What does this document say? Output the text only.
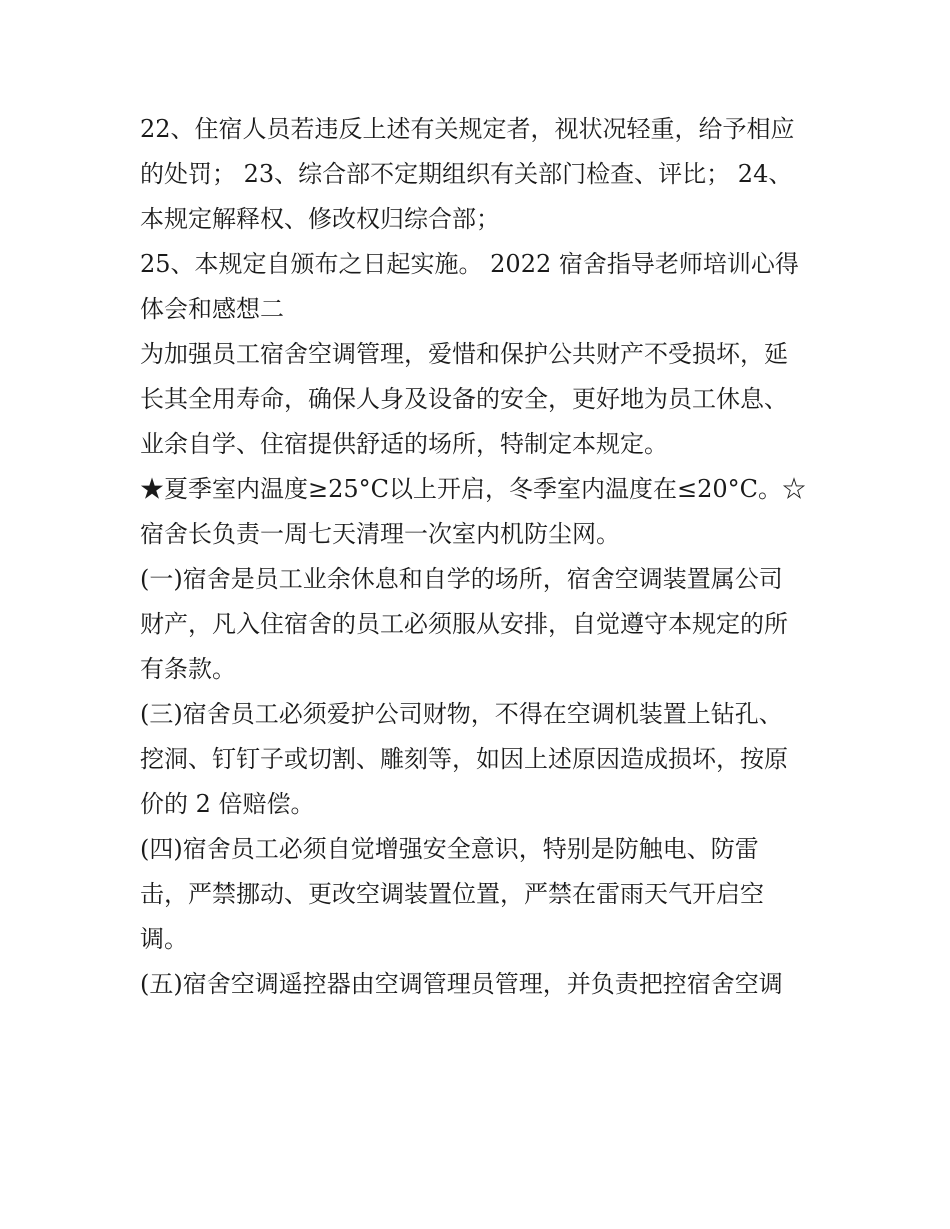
22、住宿人员若违反上述有关规定者，视状况轻重，给予相应
的处罚； 23、综合部不定期组织有关部门检查、评比； 24、
本规定解释权、修改权归综合部；
25、本规定自颁布之日起实施。 2022 宿舍指导老师培训心得
体会和感想二
为加强员工宿舍空调管理，爱惜和保护公共财产不受损坏，延
长其全用寿命，确保人身及设备的安全，更好地为员工休息、
业余自学、住宿提供舒适的场所，特制定本规定。
★夏季室内温度≥25°C以上开启，冬季室内温度在≤20°C。☆
宿舍长负责一周七天清理一次室内机防尘网。
(一)宿舍是员工业余休息和自学的场所，宿舍空调装置属公司
财产，凡入住宿舍的员工必须服从安排，自觉遵守本规定的所
有条款。
(三)宿舍员工必须爱护公司财物，不得在空调机装置上钻孔、
挖洞、钉钉子或切割、雕刻等，如因上述原因造成损坏，按原
价的 2 倍赔偿。
(四)宿舍员工必须自觉增强安全意识，特别是防触电、防雷
击，严禁挪动、更改空调装置位置，严禁在雷雨天气开启空
调。
(五)宿舍空调遥控器由空调管理员管理，并负责把控宿舍空调
